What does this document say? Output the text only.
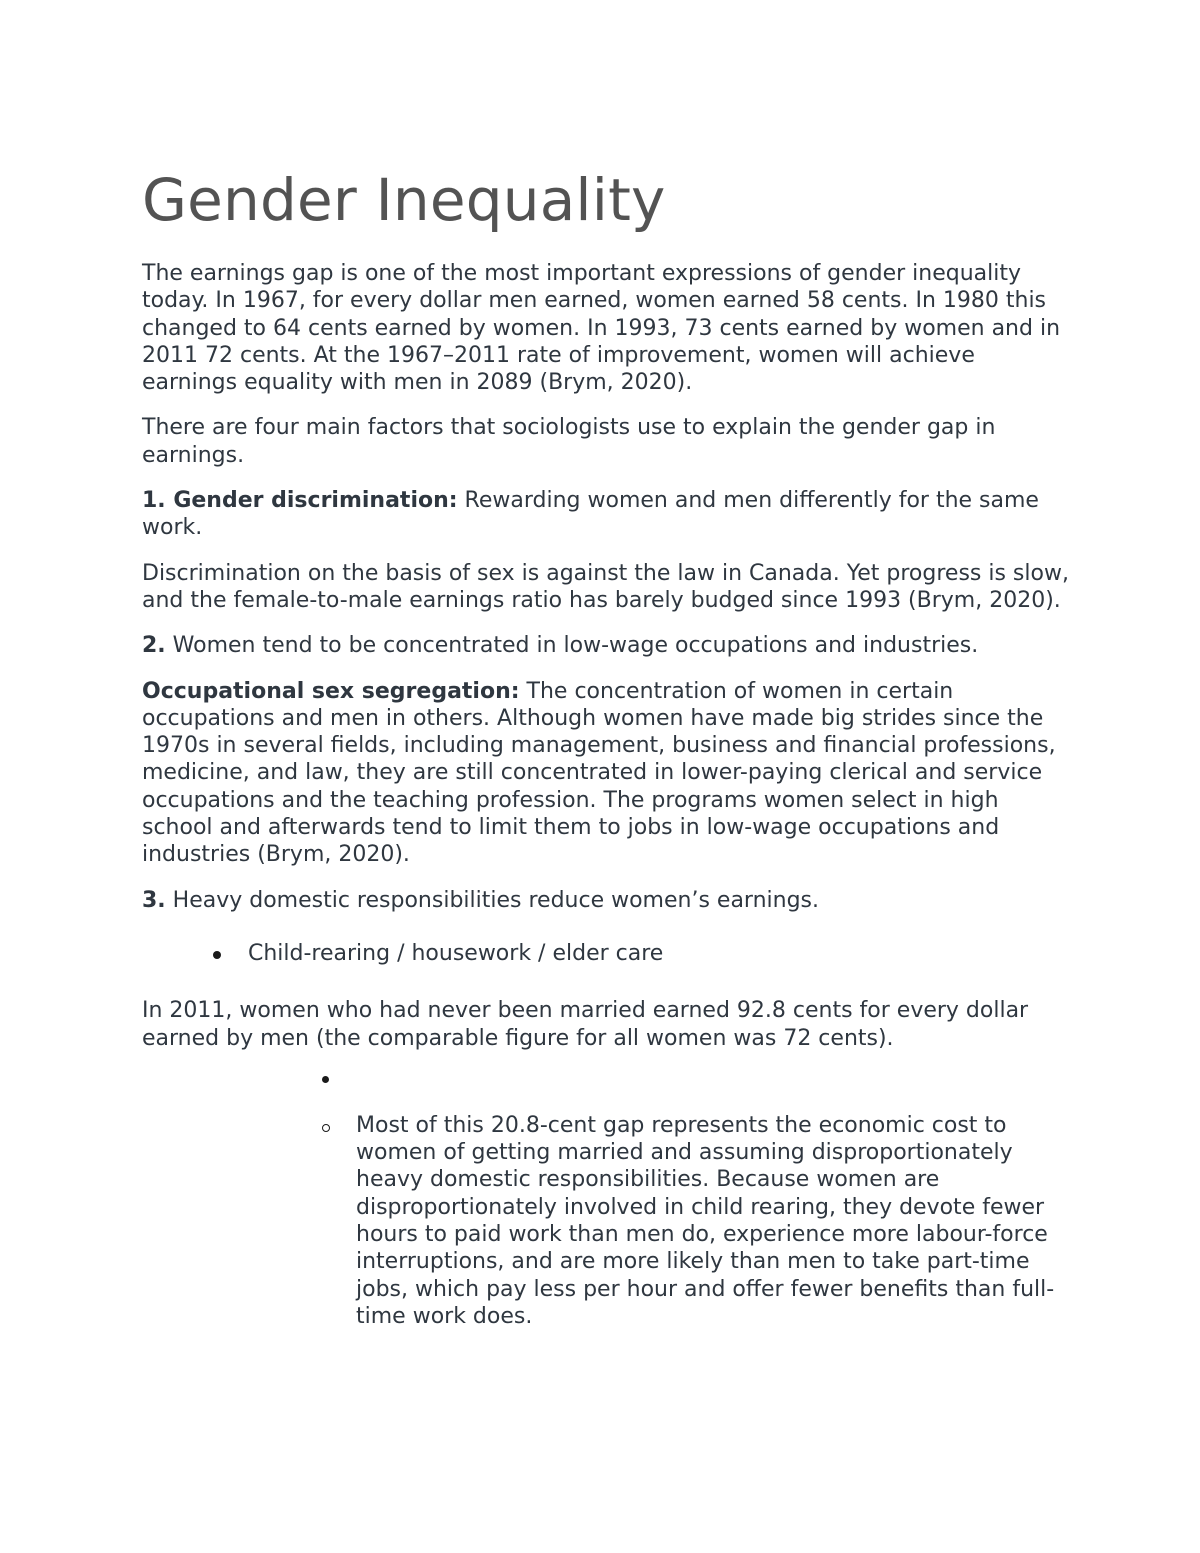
Gender Inequality

The earnings gap is one of the most important expressions of gender inequality today. In 1967, for every dollar men earned, women earned 58 cents. In 1980 this changed to 64 cents earned by women. In 1993, 73 cents earned by women and in 2011 72 cents. At the 1967–2011 rate of improvement, women will achieve earnings equality with men in 2089 (Brym, 2020).

There are four main factors that sociologists use to explain the gender gap in earnings.

1. Gender discrimination: Rewarding women and men differently for the same work.

Discrimination on the basis of sex is against the law in Canada. Yet progress is slow, and the female-to-male earnings ratio has barely budged since 1993 (Brym, 2020).

2. Women tend to be concentrated in low-wage occupations and industries.

Occupational sex segregation: The concentration of women in certain occupations and men in others. Although women have made big strides since the 1970s in several fields, including management, business and financial professions, medicine, and law, they are still concentrated in lower-paying clerical and service occupations and the teaching profession. The programs women select in high school and afterwards tend to limit them to jobs in low-wage occupations and industries (Brym, 2020).

3. Heavy domestic responsibilities reduce women’s earnings.

Child-rearing / housework / elder care

In 2011, women who had never been married earned 92.8 cents for every dollar earned by men (the comparable figure for all women was 72 cents).

Most of this 20.8-cent gap represents the economic cost to women of getting married and assuming disproportionately heavy domestic responsibilities. Because women are disproportionately involved in child rearing, they devote fewer hours to paid work than men do, experience more labour-force interruptions, and are more likely than men to take part-time jobs, which pay less per hour and offer fewer benefits than full-time work does.
